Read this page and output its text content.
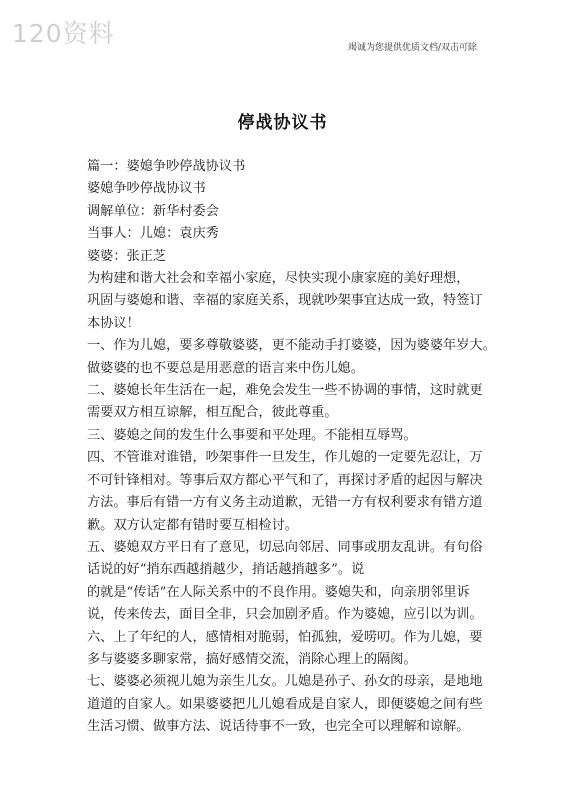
120资料	竭诚为您提供优质文档/双击可除
停战协议书

篇一：婆媳争吵停战协议书

婆媳争吵停战协议书

调解单位：新华村委会

当事人：儿媳：袁庆秀

婆婆：张正芝

为构建和谐大社会和幸福小家庭，尽快实现小康家庭的美好理想，

巩固与婆媳和谐、幸福的家庭关系，现就吵架事宜达成一致，特签订

本协议！

一、作为儿媳，要多尊敬婆婆，更不能动手打婆婆，因为婆婆年岁大。

做婆婆的也不要总是用恶意的语言来中伤儿媳。

二、婆媳长年生活在一起，难免会发生一些不协调的事情，这时就更

需要双方相互谅解，相互配合，彼此尊重。

三、婆媳之间的发生什么事要和平处理。不能相互辱骂。

四、不管谁对谁错，吵架事件一旦发生，作儿媳的一定要先忍让，万

不可针锋相对。等事后双方都心平气和了，再探讨矛盾的起因与解决

方法。事后有错一方有义务主动道歉，无错一方有权利要求有错方道

歉。双方认定都有错时要互相检讨。

五、婆媳双方平日有了意见，切忌向邻居、同事或朋友乱讲。有句俗

话说的好“捎东西越捎越少，捎话越捎越多”。说

的就是“传话”在人际关系中的不良作用。婆媳失和，向亲朋邻里诉

说，传来传去，面目全非，只会加剧矛盾。作为婆媳，应引以为训。

六、上了年纪的人，感情相对脆弱，怕孤独，爱唠叨。作为儿媳，要

多与婆婆多聊家常，搞好感情交流，消除心理上的隔阂。

七、婆婆必须视儿媳为亲生儿女。儿媳是孙子、孙女的母亲，是地地

道道的自家人。如果婆婆把儿儿媳看成是自家人，即便婆媳之间有些

生活习惯、做事方法、说话待事不一致，也完全可以理解和谅解。
